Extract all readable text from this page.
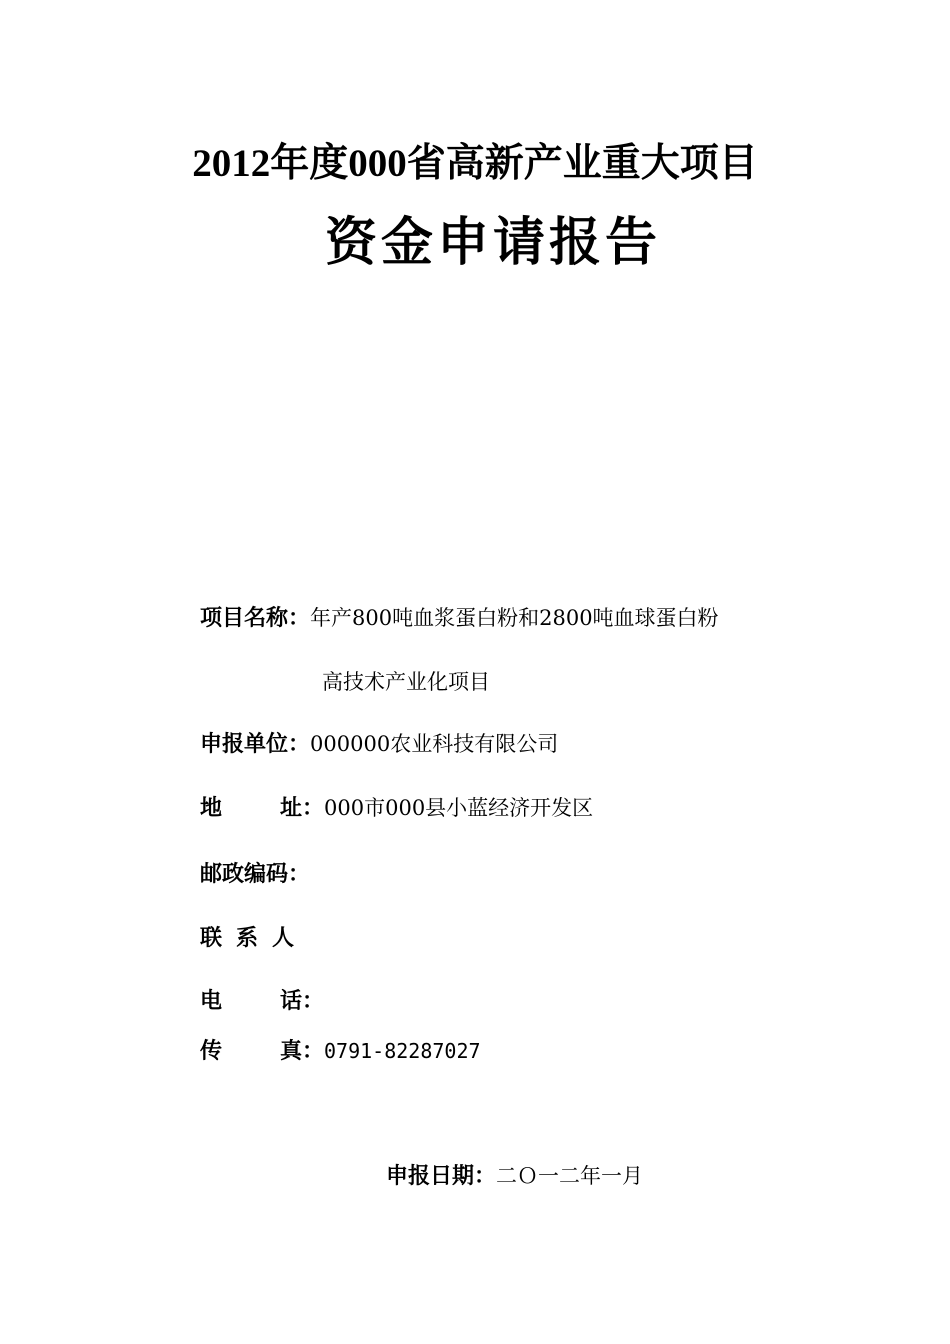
2012年度000省高新产业重大项目
资金申请报告
项目名称：年产800吨血浆蛋白粉和2800吨血球蛋白粉
高技术产业化项目
申报单位：000000农业科技有限公司
地址：000市000县小蓝经济开发区
邮政编码：
联系人
电话：
传真：0791-82287027
申报日期：二Ｏ一二年一月
